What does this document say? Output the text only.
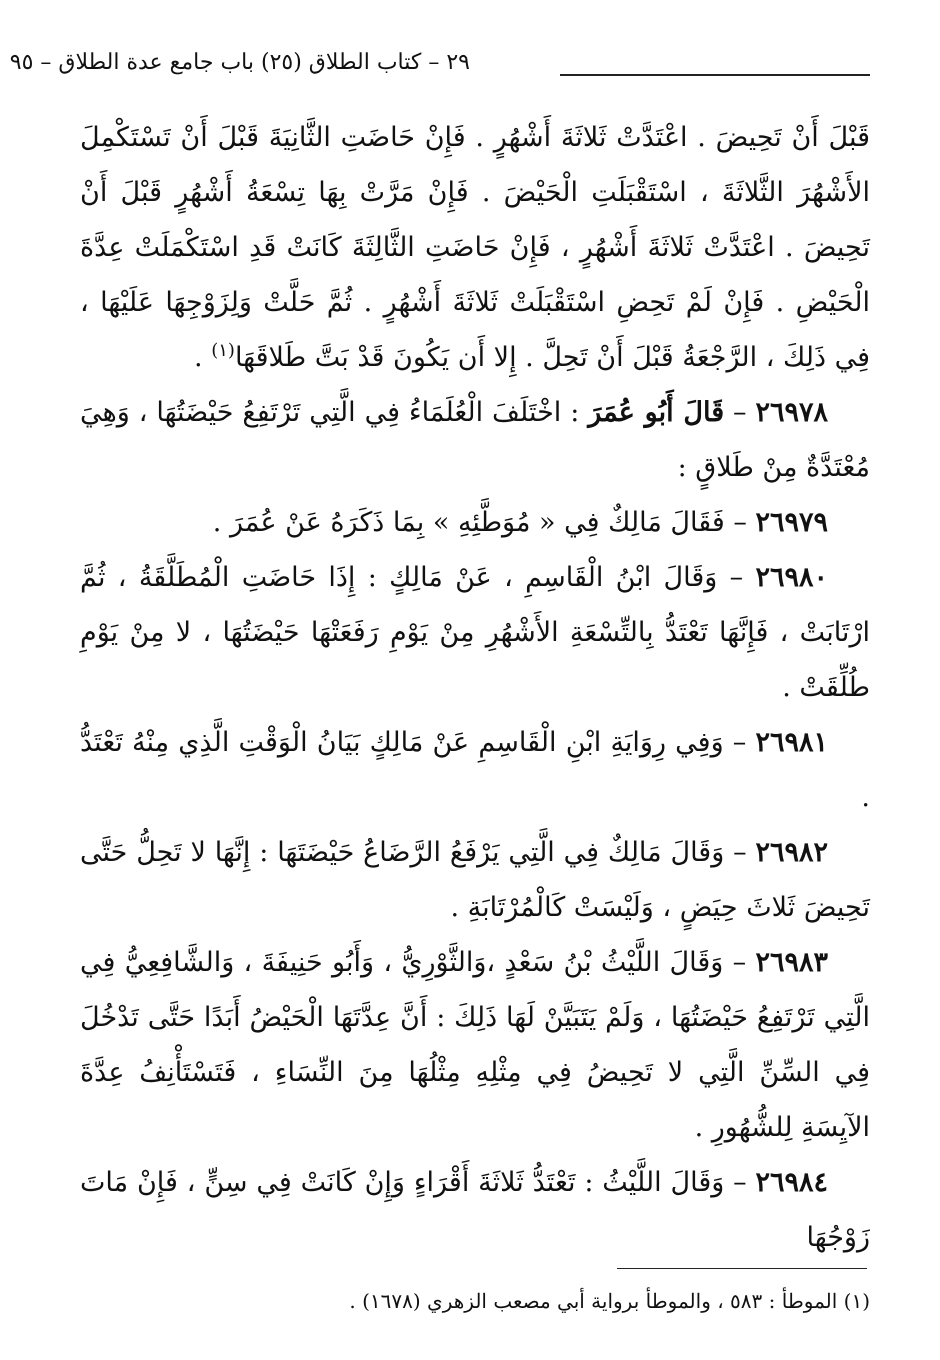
٢٩ – كتاب الطلاق (٢٥) باب جامع عدة الطلاق – ٩٥

قَبْلَ أَنْ تَحِيضَ . اعْتَدَّتْ ثَلاثَةَ أَشْهُرٍ . فَإِنْ حَاضَتِ الثَّانِيَةَ قَبْلَ أَنْ تَسْتَكْمِلَ الأَشْهُرَ الثَّلاثَةَ ، اسْتَقْبَلَتِ الْحَيْضَ . فَإِنْ مَرَّتْ بِهَا تِسْعَةُ أَشْهُرٍ قَبْلَ أَنْ تَحِيضَ . اعْتَدَّتْ ثَلاثَةَ أَشْهُرٍ ، فَإِنْ حَاضَتِ الثَّالِثَةَ كَانَتْ قَدِ اسْتَكْمَلَتْ عِدَّةَ الْحَيْضِ . فَإِنْ لَمْ تَحِضِ اسْتَقْبَلَتْ ثَلاثَةَ أَشْهُرٍ . ثُمَّ حَلَّتْ وَلِزَوْجِهَا عَلَيْهَا ، فِي ذَلِكَ ، الرَّجْعَةُ قَبْلَ أَنْ تَحِلَّ . إِلا أَن يَكُونَ قَدْ بَتَّ طَلاقَهَا$^{(١)}$ .

٢٦٩٧٨ – قَالَ أَبُو عُمَرَ : اخْتَلَفَ الْعُلَمَاءُ فِي الَّتِي تَرْتَفِعُ حَيْضَتُهَا ، وَهِيَ مُعْتَدَّةٌ مِنْ طَلاقٍ :

٢٦٩٧٩ – فَقَالَ مَالِكٌ فِي « مُوَطَّئِهِ » بِمَا ذَكَرَهُ عَنْ عُمَرَ .

٢٦٩٨٠ – وَقَالَ ابْنُ الْقَاسِمِ ، عَنْ مَالِكٍ : إِذَا حَاضَتِ الْمُطَلَّقَةُ ، ثُمَّ ارْتَابَتْ ، فَإِنَّهَا تَعْتَدُّ بِالتِّسْعَةِ الأَشْهُرِ مِنْ يَوْمِ رَفَعَتْهَا حَيْضَتُهَا ، لا مِنْ يَوْمِ طُلِّقَتْ .

٢٦٩٨١ – وَفِي رِوَايَةِ ابْنِ الْقَاسِمِ عَنْ مَالِكٍ بَيَانُ الْوَقْتِ الَّذِي مِنْهُ تَعْتَدُّ .

٢٦٩٨٢ – وَقَالَ مَالِكٌ فِي الَّتِي يَرْفَعُ الرَّضَاعُ حَيْضَتَهَا : إِنَّهَا لا تَحِلُّ حَتَّى تَحِيضَ ثَلاثَ حِيَضٍ ، وَلَيْسَتْ كَالْمُرْتَابَةِ .

٢٦٩٨٣ – وَقَالَ اللَّيْثُ بْنُ سَعْدٍ ،وَالثَّوْرِيُّ ، وَأَبُو حَنِيفَةَ ، وَالشَّافِعِيُّ فِي الَّتِي تَرْتَفِعُ حَيْضَتُهَا ، وَلَمْ يَتَبَيَّنْ لَهَا ذَلِكَ : أَنَّ عِدَّتَهَا الْحَيْضُ أَبَدًا حَتَّى تَدْخُلَ فِي السِّنِّ الَّتِي لا تَحِيضُ فِي مِثْلِهِ مِثْلُهَا مِنَ النِّسَاءِ ، فَتَسْتَأْنِفُ عِدَّةَ الآيِسَةِ لِلشُّهُورِ .

٢٦٩٨٤ – وَقَالَ اللَّيْثُ : تَعْتَدُّ ثَلاثَةَ أَقْرَاءٍ وَإِنْ كَانَتْ فِي سِنٍّ ، فَإِنْ مَاتَ زَوْجُهَا

(١) الموطأ : ٥٨٣ ، والموطأ برواية أبي مصعب الزهري (١٦٧٨) .
